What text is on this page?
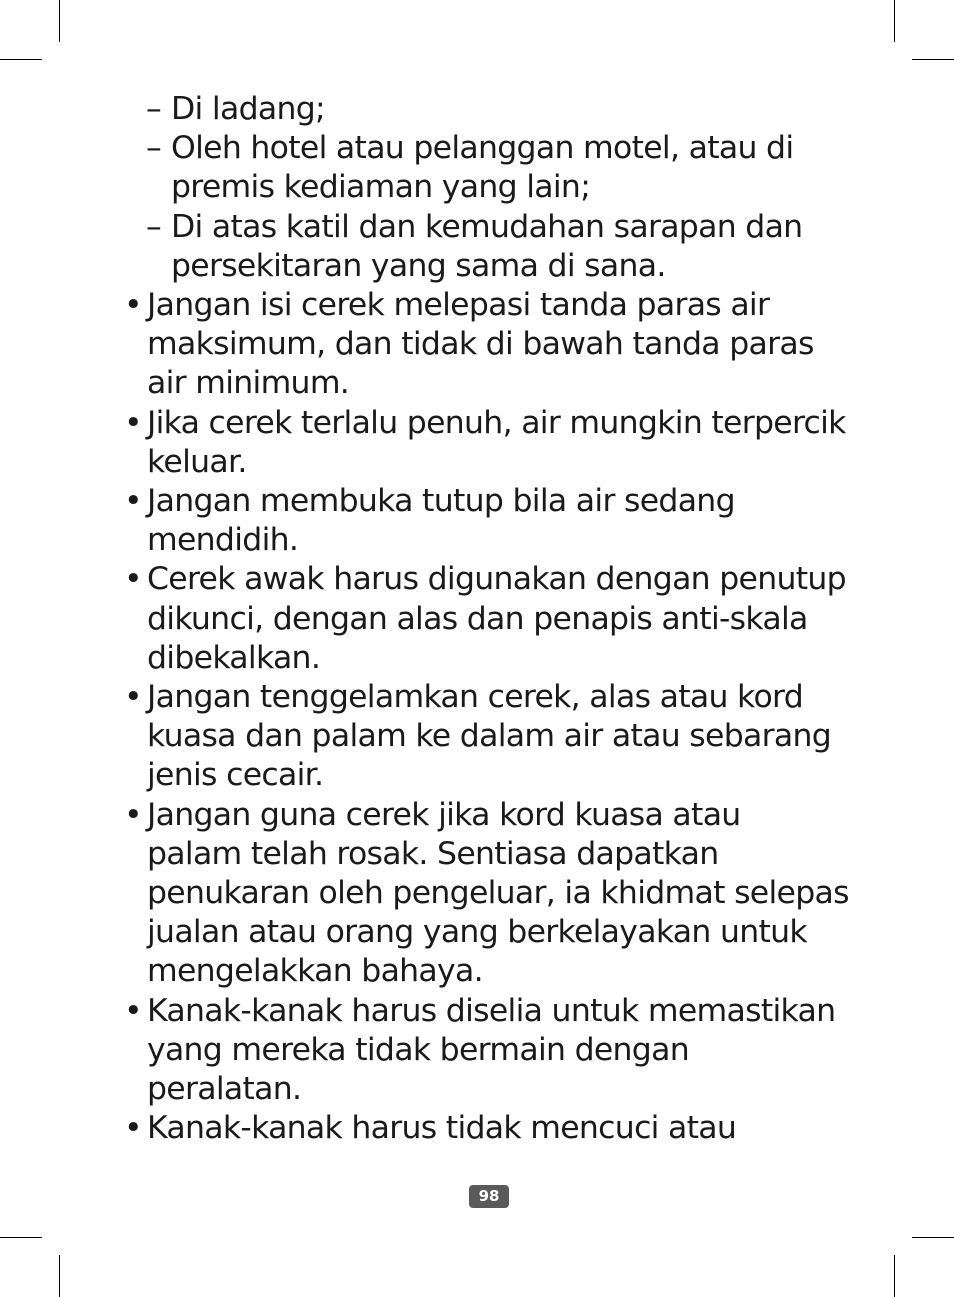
– Di ladang;
– Oleh hotel atau pelanggan motel, atau di
premis kediaman yang lain;
– Di atas katil dan kemudahan sarapan dan
persekitaran yang sama di sana.
• Jangan isi cerek melepasi tanda paras air
maksimum, dan tidak di bawah tanda paras
air minimum.
• Jika cerek terlalu penuh, air mungkin terpercik
keluar.
• Jangan membuka tutup bila air sedang
mendidih.
• Cerek awak harus digunakan dengan penutup
dikunci, dengan alas dan penapis anti-skala
dibekalkan.
• Jangan tenggelamkan cerek, alas atau kord
kuasa dan palam ke dalam air atau sebarang
jenis cecair.
• Jangan guna cerek jika kord kuasa atau
palam telah rosak. Sentiasa dapatkan
penukaran oleh pengeluar, ia khidmat selepas
jualan atau orang yang berkelayakan untuk
mengelakkan bahaya.
• Kanak-kanak harus diselia untuk memastikan
yang mereka tidak bermain dengan
peralatan.
• Kanak-kanak harus tidak mencuci atau
98
